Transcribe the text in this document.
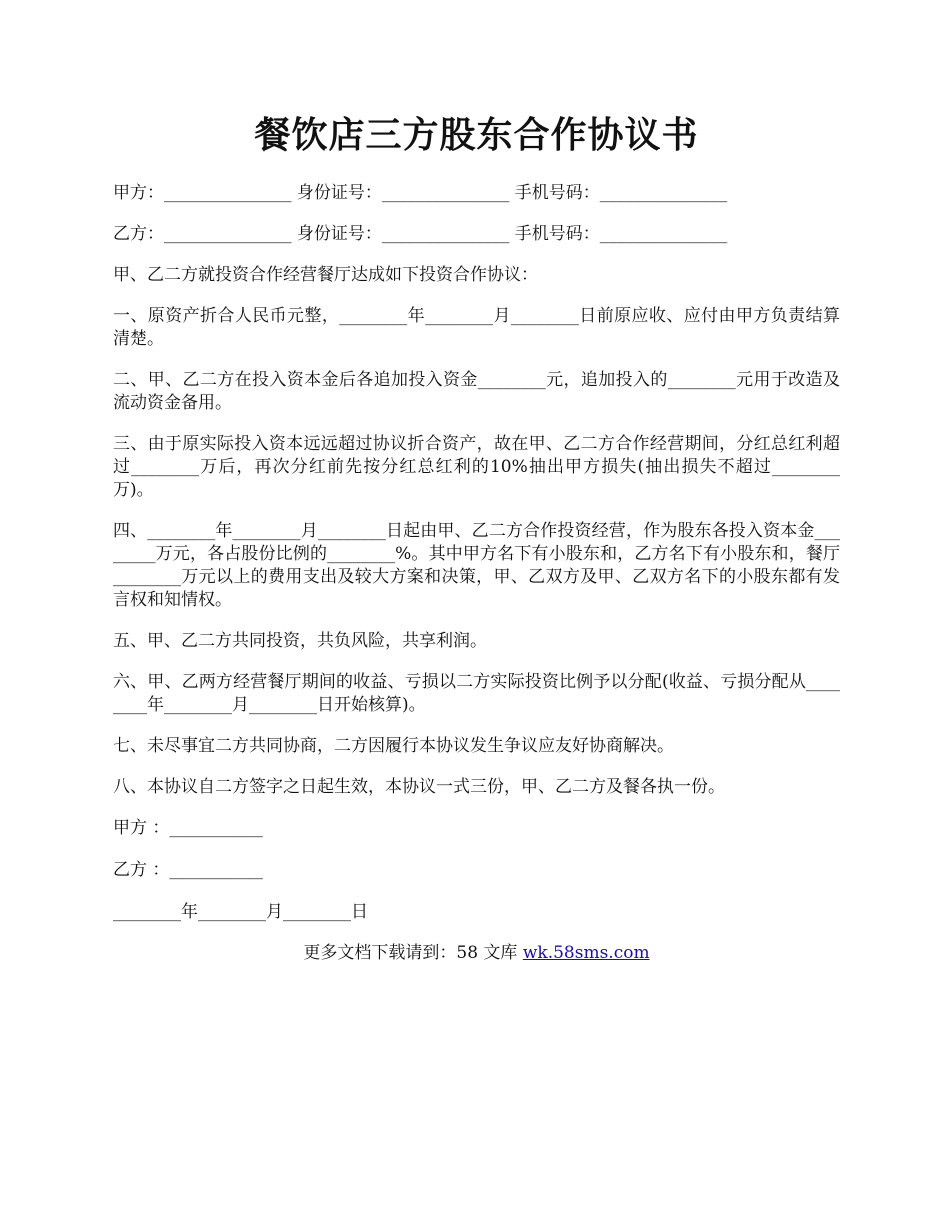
餐饮店三方股东合作协议书

甲方：_______________ 身份证号：_______________ 手机号码：_______________

乙方：_______________ 身份证号：_______________ 手机号码：_______________

甲、乙二方就投资合作经营餐厅达成如下投资合作协议：

一、原资产折合人民币元整，________年________月________日前原应收、应付由甲方负责结算清楚。

二、甲、乙二方在投入资本金后各追加投入资金________元，追加投入的________元用于改造及流动资金备用。

三、由于原实际投入资本远远超过协议折合资产，故在甲、乙二方合作经营期间，分红总红利超过________万后，再次分红前先按分红总红利的10%抽出甲方损失(抽出损失不超过________万)。

四、________年________月________日起由甲、乙二方合作投资经营，作为股东各投入资本金________万元，各占股份比例的________%。其中甲方名下有小股东和，乙方名下有小股东和，餐厅________万元以上的费用支出及较大方案和决策，甲、乙双方及甲、乙双方名下的小股东都有发言权和知情权。

五、甲、乙二方共同投资，共负风险，共享利润。

六、甲、乙两方经营餐厅期间的收益、亏损以二方实际投资比例予以分配(收益、亏损分配从________年________月________日开始核算)。

七、未尽事宜二方共同协商，二方因履行本协议发生争议应友好协商解决。

八、本协议自二方签字之日起生效，本协议一式三份，甲、乙二方及餐各执一份。

甲方 ：___________

乙方 ：___________

________年________月________日

更多文档下载请到：58 文库 wk.58sms.com
